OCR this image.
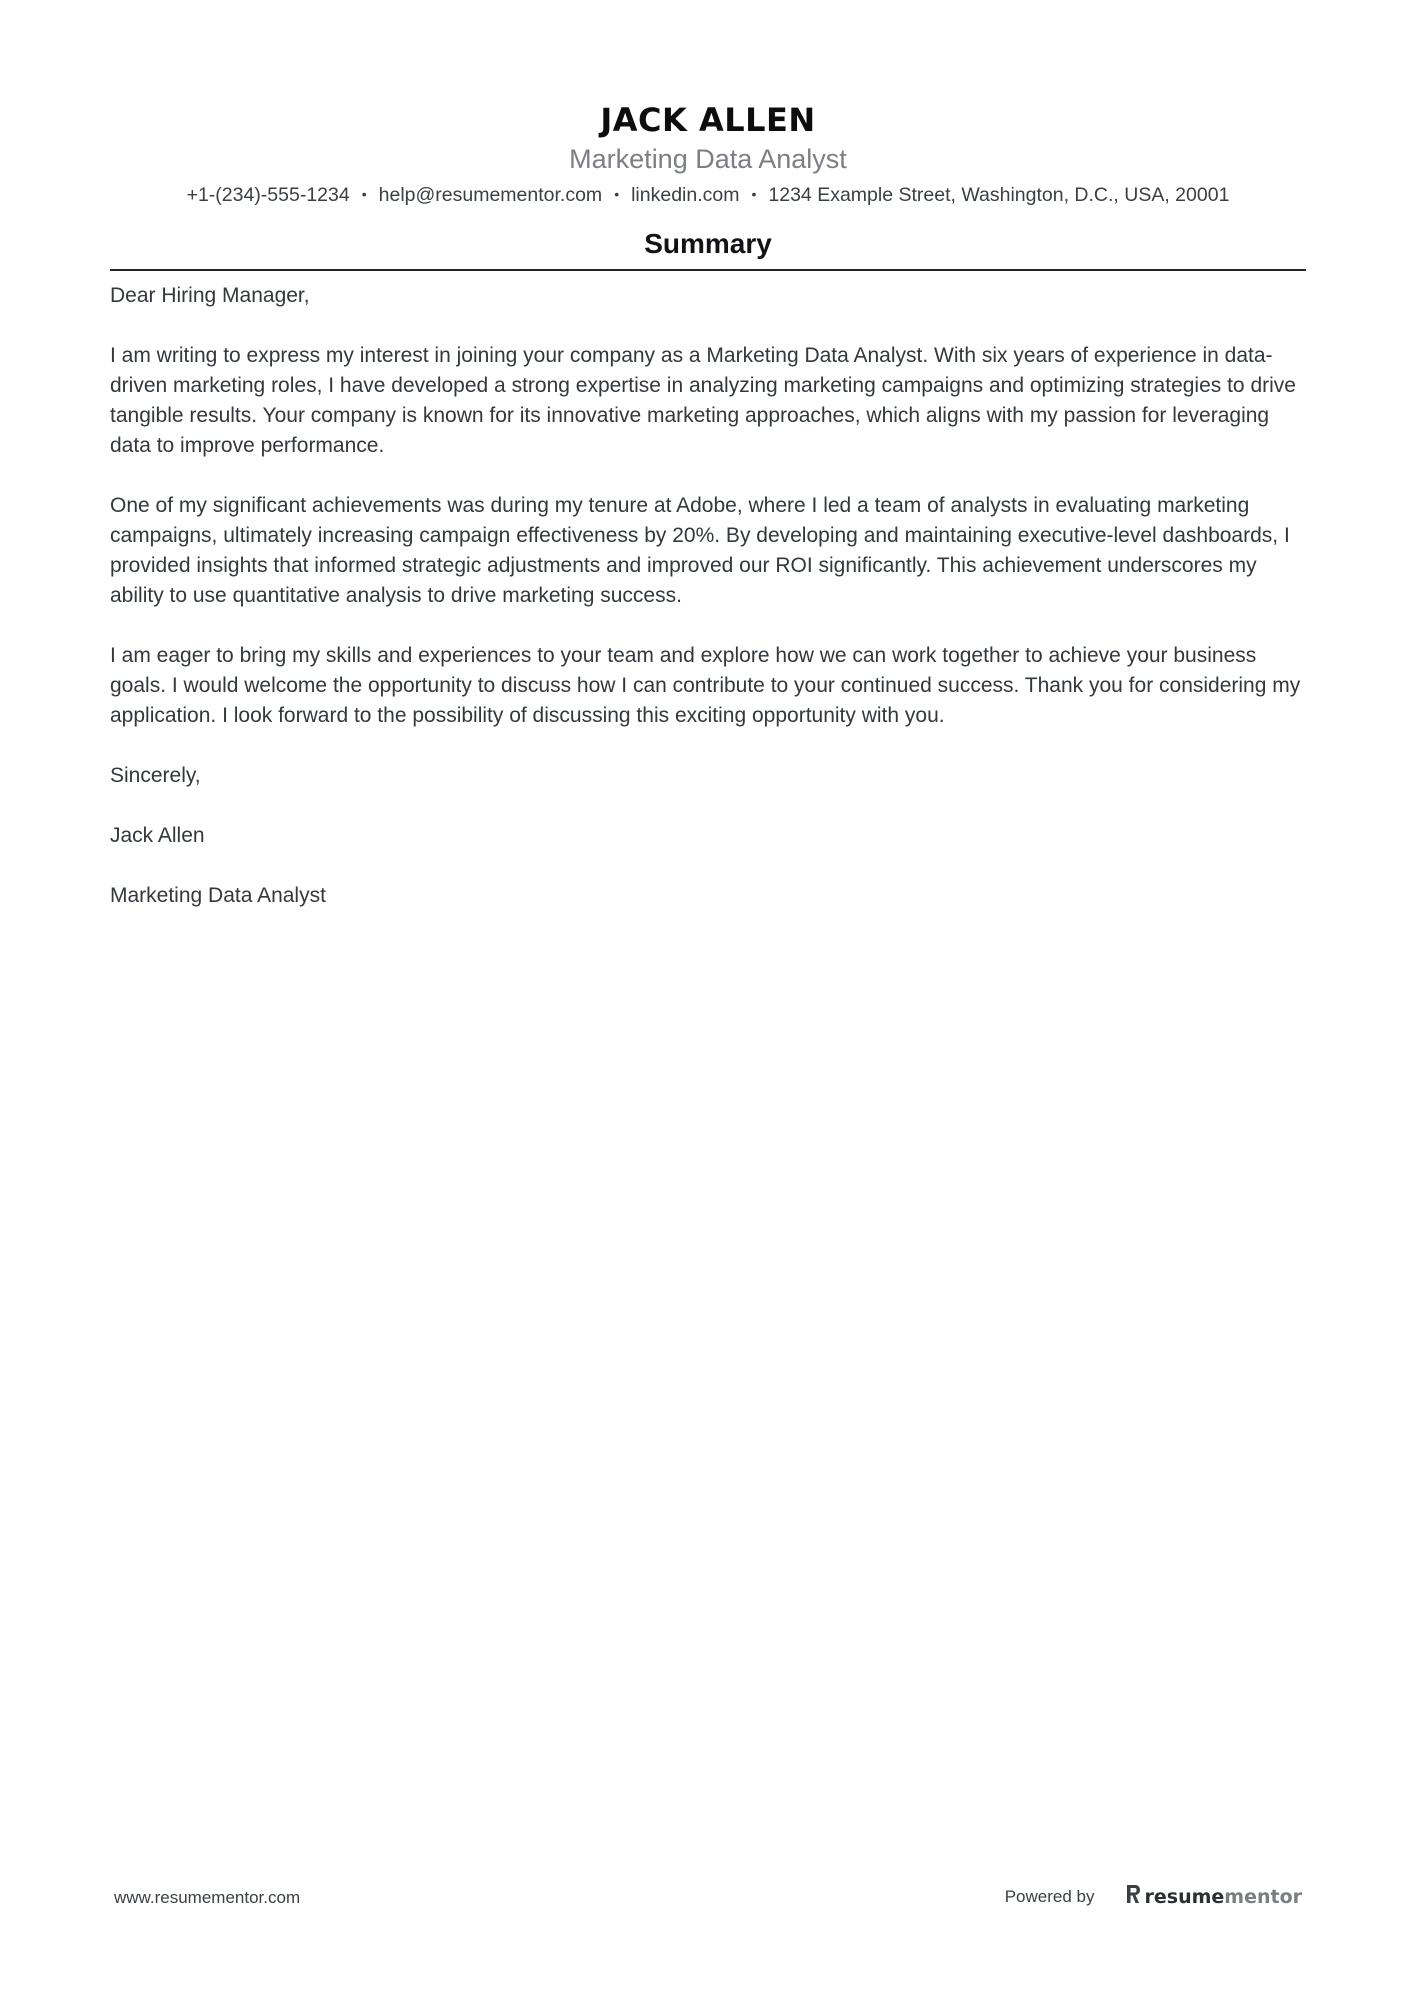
JACK ALLEN
Marketing Data Analyst
+1-(234)-555-1234 • help@resumementor.com • linkedin.com • 1234 Example Street, Washington, D.C., USA, 20001
Summary

Dear Hiring Manager,

I am writing to express my interest in joining your company as a Marketing Data Analyst. With six years of experience in data-driven marketing roles, I have developed a strong expertise in analyzing marketing campaigns and optimizing strategies to drive tangible results. Your company is known for its innovative marketing approaches, which aligns with my passion for leveraging data to improve performance.

One of my significant achievements was during my tenure at Adobe, where I led a team of analysts in evaluating marketing campaigns, ultimately increasing campaign effectiveness by 20%. By developing and maintaining executive-level dashboards, I provided insights that informed strategic adjustments and improved our ROI significantly. This achievement underscores my ability to use quantitative analysis to drive marketing success.

I am eager to bring my skills and experiences to your team and explore how we can work together to achieve your business goals. I would welcome the opportunity to discuss how I can contribute to your continued success. Thank you for considering my application. I look forward to the possibility of discussing this exciting opportunity with you.

Sincerely,

Jack Allen

Marketing Data Analyst

www.resumementor.com	Powered by	resume mentor
